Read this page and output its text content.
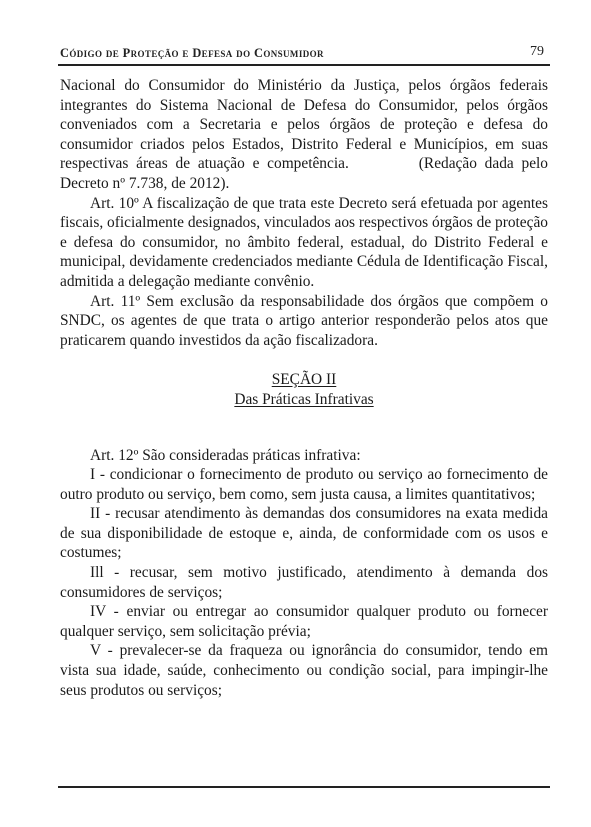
Código de Proteção e Defesa do Consumidor	79

Nacional do Consumidor do Ministério da Justiça, pelos órgãos federais integrantes do Sistema Nacional de Defesa do Consumidor, pelos órgãos conveniados com a Secretaria e pelos órgãos de proteção e defesa do consumidor criados pelos Estados, Distrito Federal e Municípios, em suas respectivas áreas de atuação e competência.	(Redação dada pelo Decreto nº 7.738, de 2012).

Art. 10º A fiscalização de que trata este Decreto será efetuada por agentes fiscais, oficialmente designados, vinculados aos respectivos órgãos de proteção e defesa do consumidor, no âmbito federal, estadual, do Distrito Federal e municipal, devidamente credenciados mediante Cédula de Identificação Fiscal, admitida a delegação mediante convênio.

Art. 11º Sem exclusão da responsabilidade dos órgãos que compõem o SNDC, os agentes de que trata o artigo anterior responderão pelos atos que praticarem quando investidos da ação fiscalizadora.

SEÇÃO II

Das Práticas Infrativas

Art. 12º São consideradas práticas infrativa:

I - condicionar o fornecimento de produto ou serviço ao fornecimento de outro produto ou serviço, bem como, sem justa causa, a limites quantitativos;

II - recusar atendimento às demandas dos consumidores na exata medida de sua disponibilidade de estoque e, ainda, de conformidade com os usos e costumes;

Ill - recusar, sem motivo justificado, atendimento à demanda dos consumidores de serviços;

IV - enviar ou entregar ao consumidor qualquer produto ou fornecer qualquer serviço, sem solicitação prévia;

V - prevalecer-se da fraqueza ou ignorância do consumidor, tendo em vista sua idade, saúde, conhecimento ou condição social, para impingir-lhe seus produtos ou serviços;
